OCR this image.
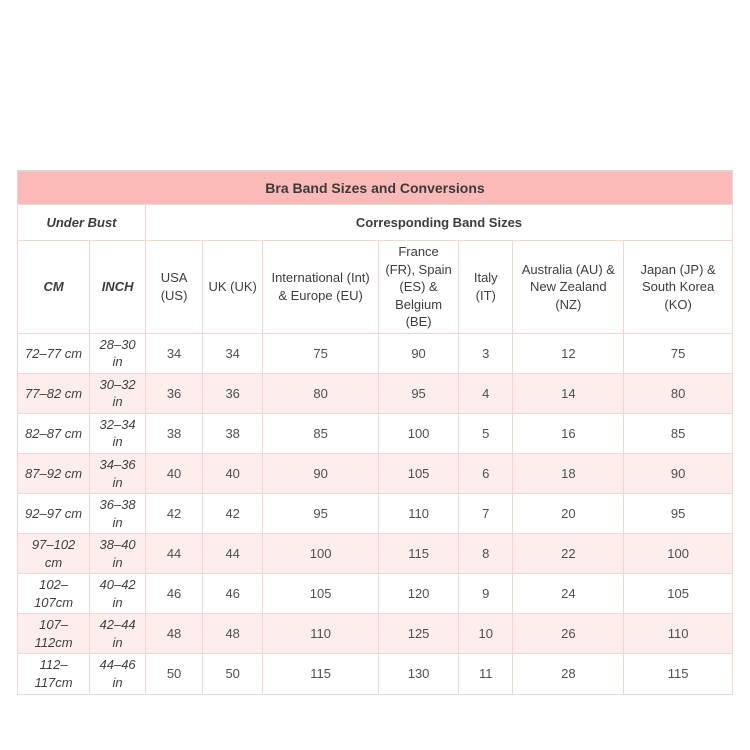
Bra Band Sizes and Conversions								
Under Bust		Corresponding Band Sizes						
CM	INCH	USA (US)	UK (UK)	International (Int) & Europe (EU)	France (FR), Spain (ES) & Belgium (BE)	Italy (IT)	Australia (AU) & New Zealand (NZ)	Japan (JP) & South Korea (KO)
72–77 cm	28–30 in	34	34	75	90	3	12	75
77–82 cm	30–32 in	36	36	80	95	4	14	80
82–87 cm	32–34 in	38	38	85	100	5	16	85
87–92 cm	34–36 in	40	40	90	105	6	18	90
92–97 cm	36–38 in	42	42	95	110	7	20	95
97–102 cm	38–40 in	44	44	100	115	8	22	100
102–107cm	40–42 in	46	46	105	120	9	24	105
107–112cm	42–44 in	48	48	110	125	10	26	110
112–117cm	44–46 in	50	50	115	130	11	28	115
